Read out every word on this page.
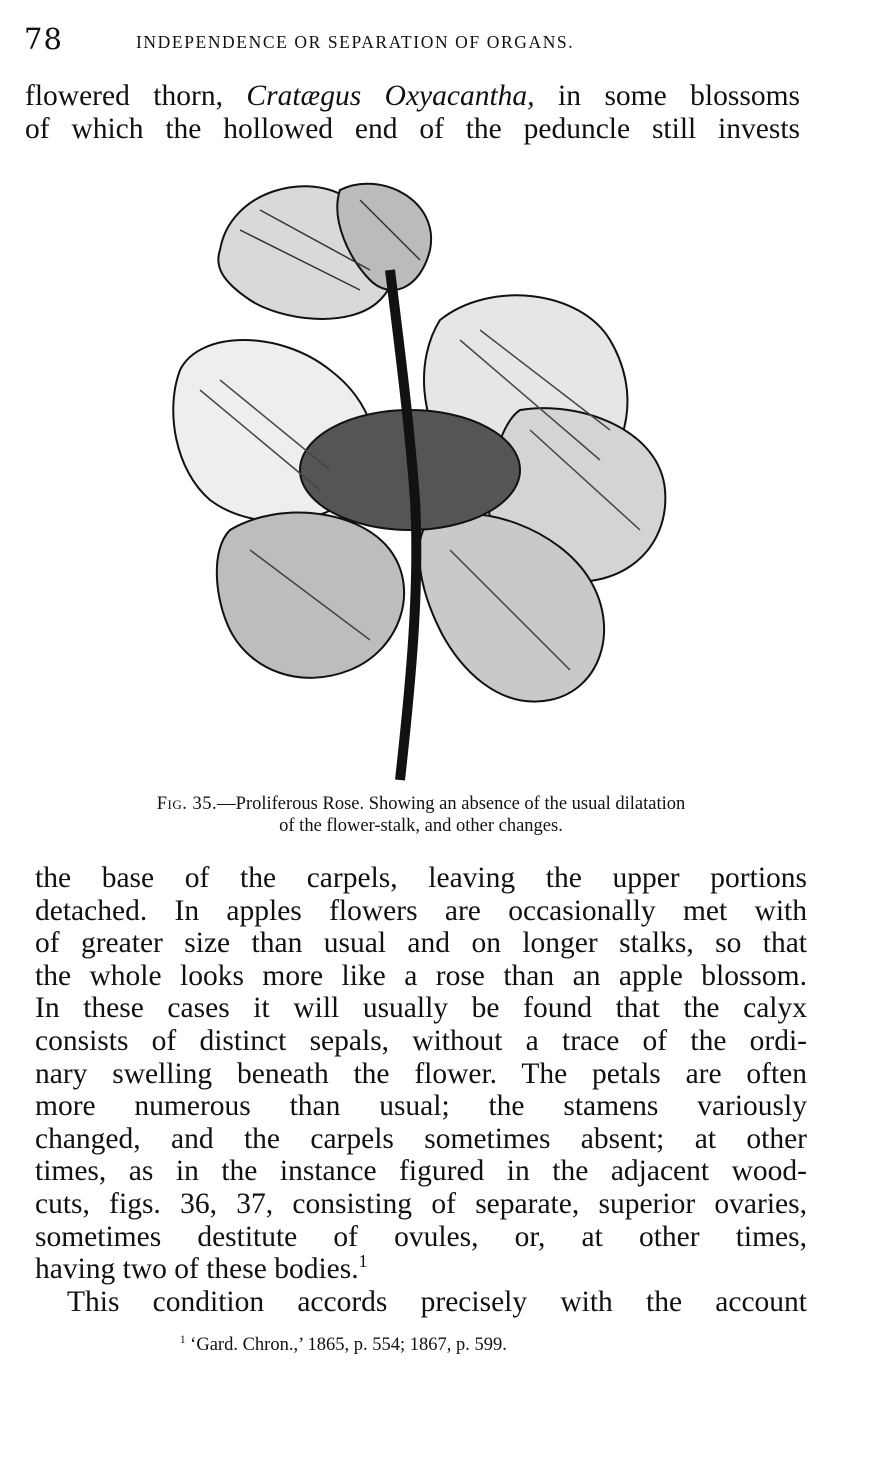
78	INDEPENDENCE OR SEPARATION OF ORGANS.
flowered thorn, Cratægus Oxyacantha, in some blossoms
of which the hollowed end of the peduncle still invests
Fig. 35.—Proliferous Rose. Showing an absence of the usual dilatation
of the flower-stalk, and other changes.
the base of the carpels, leaving the upper portions
detached. In apples flowers are occasionally met with
of greater size than usual and on longer stalks, so that
the whole looks more like a rose than an apple blossom.
In these cases it will usually be found that the calyx
consists of distinct sepals, without a trace of the ordi-
nary swelling beneath the flower. The petals are often
more numerous than usual; the stamens variously
changed, and the carpels sometimes absent; at other
times, as in the instance figured in the adjacent wood-
cuts, figs. 36, 37, consisting of separate, superior ovaries,
sometimes destitute of ovules, or, at other times,
having two of these bodies.$^1$
This condition accords precisely with the account
$^1$ ‘Gard. Chron.,’ 1865, p. 554; 1867, p. 599.
